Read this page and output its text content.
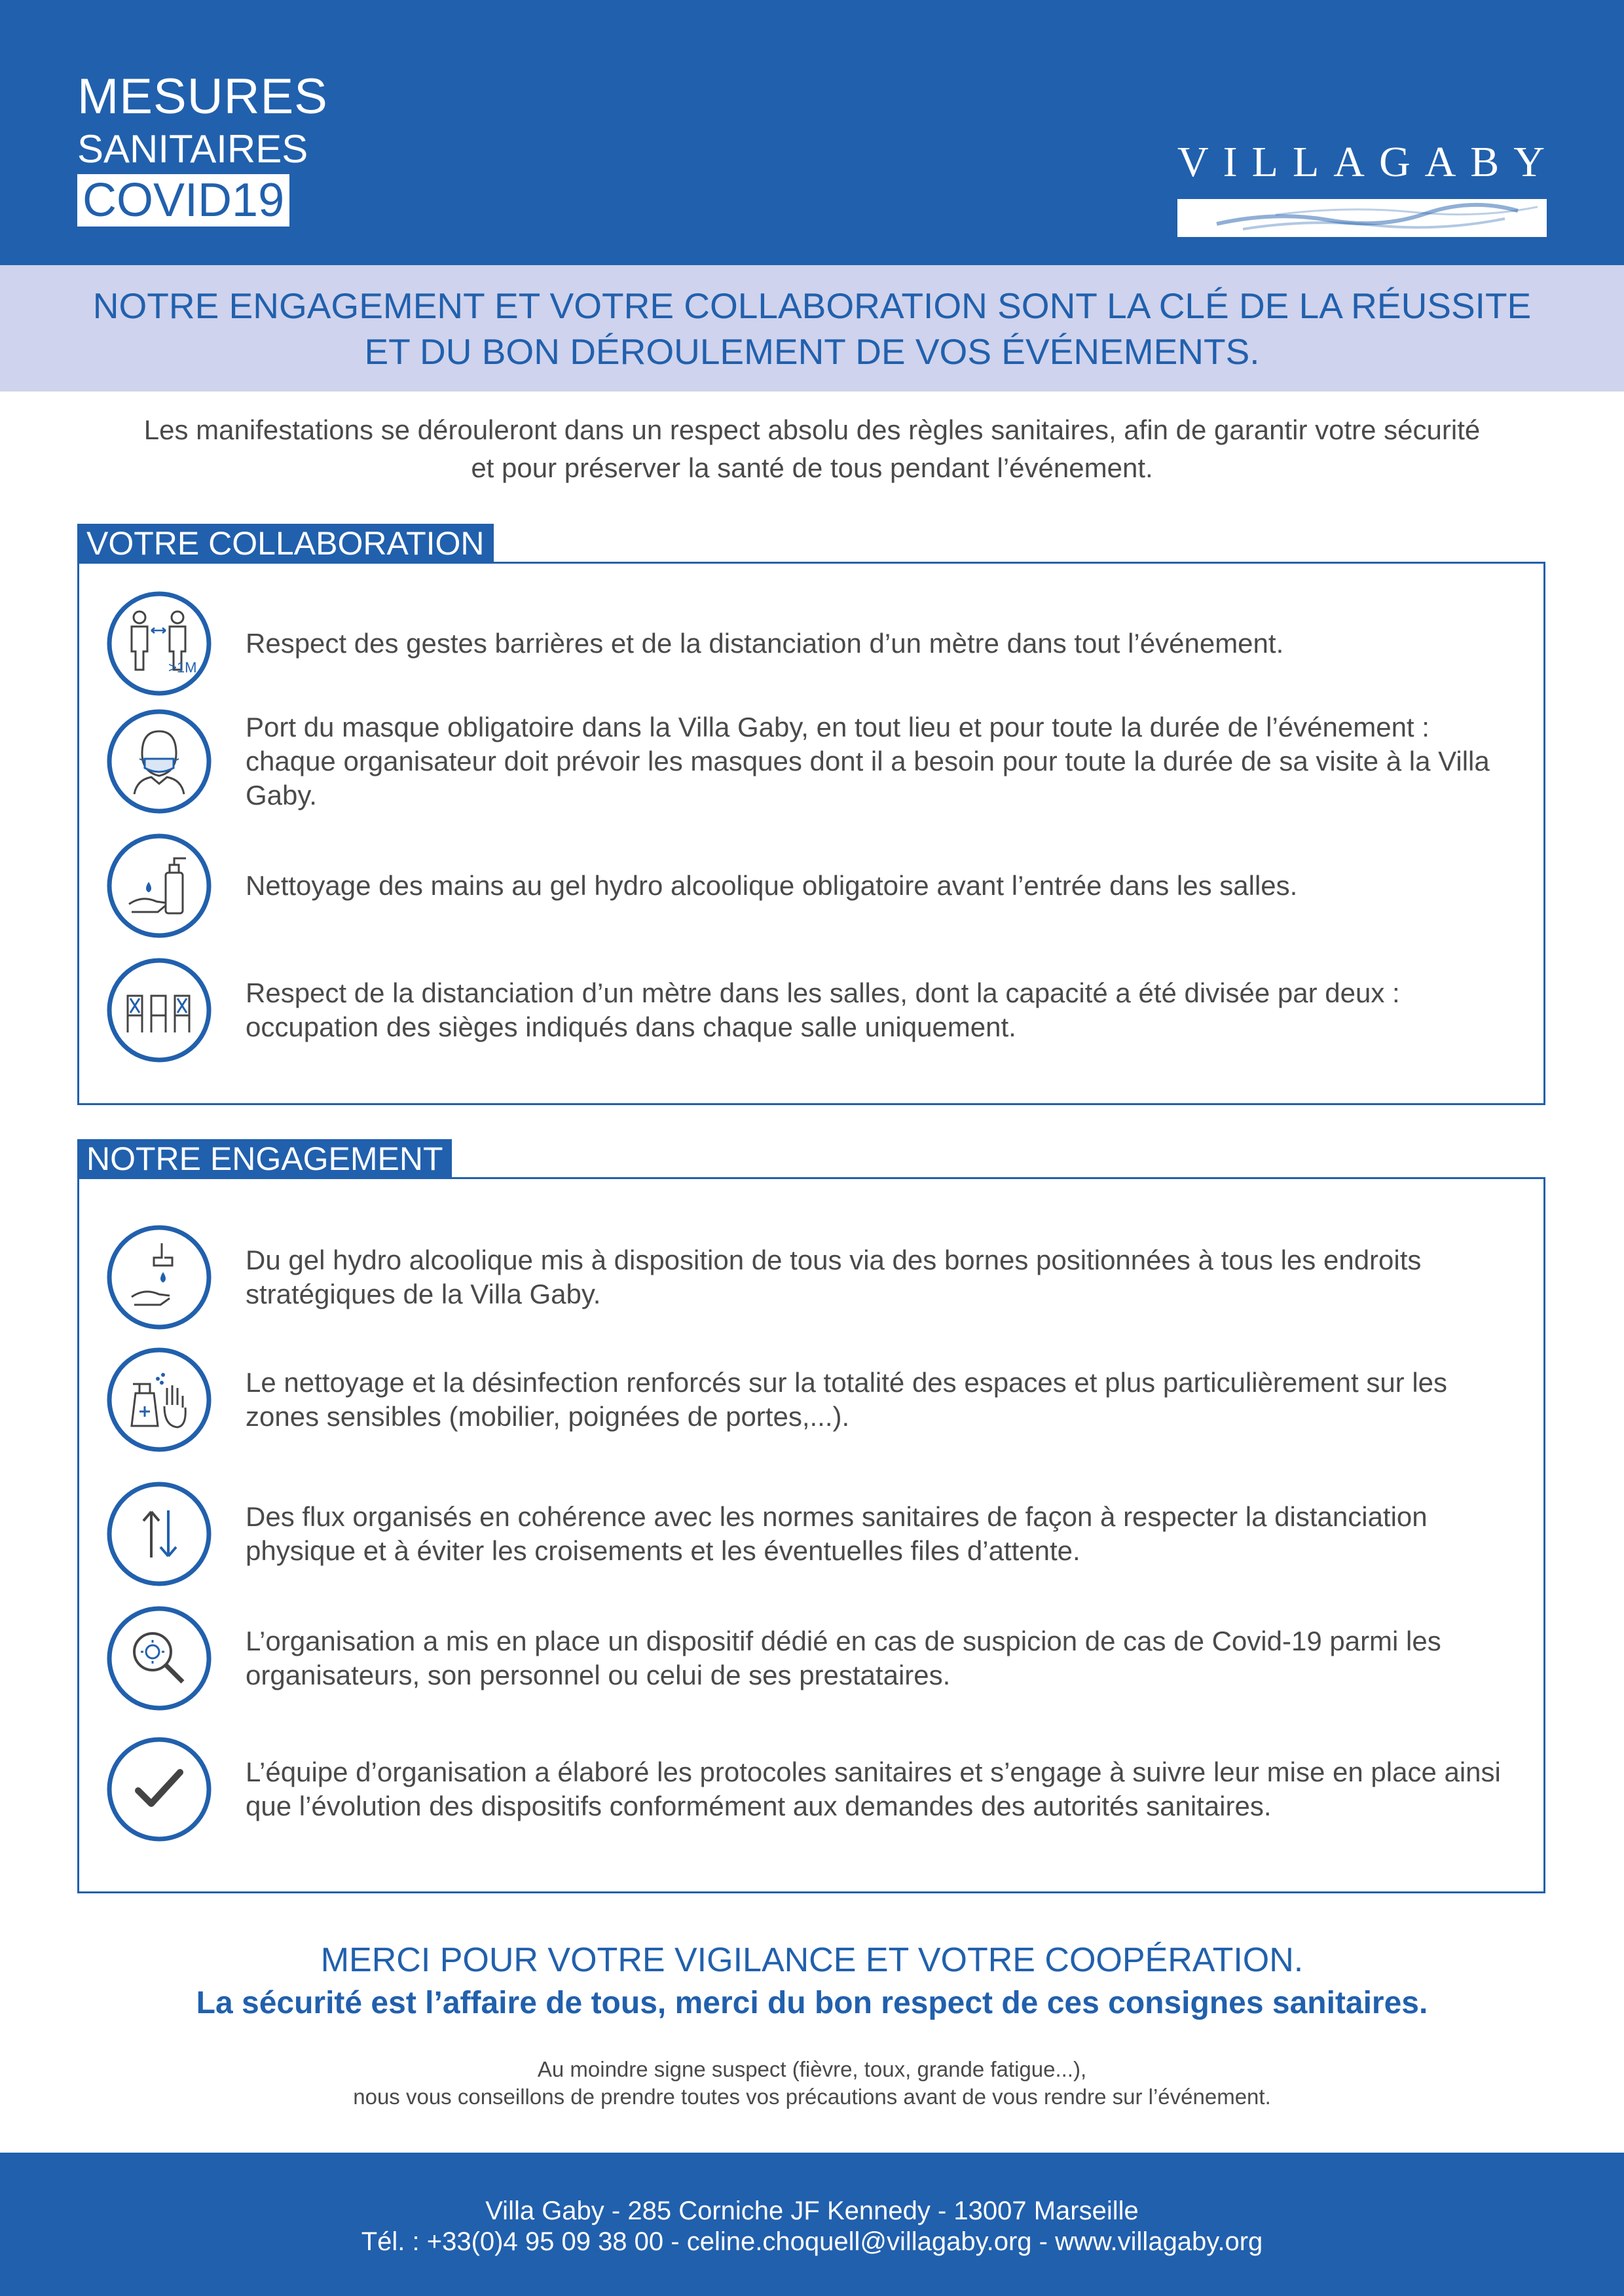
MESURES
SANITAIRES
COVID19
VILLA GABY
NOTRE ENGAGEMENT ET VOTRE COLLABORATION SONT LA CLÉ DE LA RÉUSSITE
ET DU BON DÉROULEMENT DE VOS ÉVÉNEMENTS.
Les manifestations se dérouleront dans un respect absolu des règles sanitaires, afin de garantir votre sécurité
et pour préserver la santé de tous pendant l’événement.
VOTRE COLLABORATION
>1M
Respect des gestes barrières et de la distanciation d’un mètre dans tout l’événement.
Port du masque obligatoire dans la Villa Gaby, en tout lieu et pour toute la durée de l’événement : chaque organisateur doit prévoir les masques dont il a besoin pour toute la durée de sa visite à la Villa Gaby.
Nettoyage des mains au gel hydro alcoolique obligatoire avant l’entrée dans les salles.
Respect de la distanciation d’un mètre dans les salles, dont la capacité a été divisée par deux : occupation des sièges indiqués dans chaque salle uniquement.
NOTRE ENGAGEMENT
Du gel hydro alcoolique mis à disposition de tous via des bornes positionnées à tous les endroits stratégiques de la Villa Gaby.
Le nettoyage et la désinfection renforcés sur la totalité des espaces et plus particulièrement sur les zones sensibles (mobilier, poignées de portes,...).
Des flux organisés en cohérence avec les normes sanitaires de façon à respecter la distanciation physique et à éviter les croisements et les éventuelles files d’attente.
L’organisation a mis en place un dispositif dédié en cas de suspicion de cas de Covid-19 parmi les organisateurs, son personnel ou celui de ses prestataires.
L’équipe d’organisation a élaboré les protocoles sanitaires et s’engage à suivre leur mise en place ainsi que l’évolution des dispositifs conformément aux demandes des autorités sanitaires.
MERCI POUR VOTRE VIGILANCE ET VOTRE COOPÉRATION.
La sécurité est l’affaire de tous, merci du bon respect de ces consignes sanitaires.
Au moindre signe suspect (fièvre, toux, grande fatigue...),
nous vous conseillons de prendre toutes vos précautions avant de vous rendre sur l’événement.
Villa Gaby - 285 Corniche JF Kennedy - 13007 Marseille
Tél. : +33(0)4 95 09 38 00 - celine.choquell@villagaby.org - www.villagaby.org
